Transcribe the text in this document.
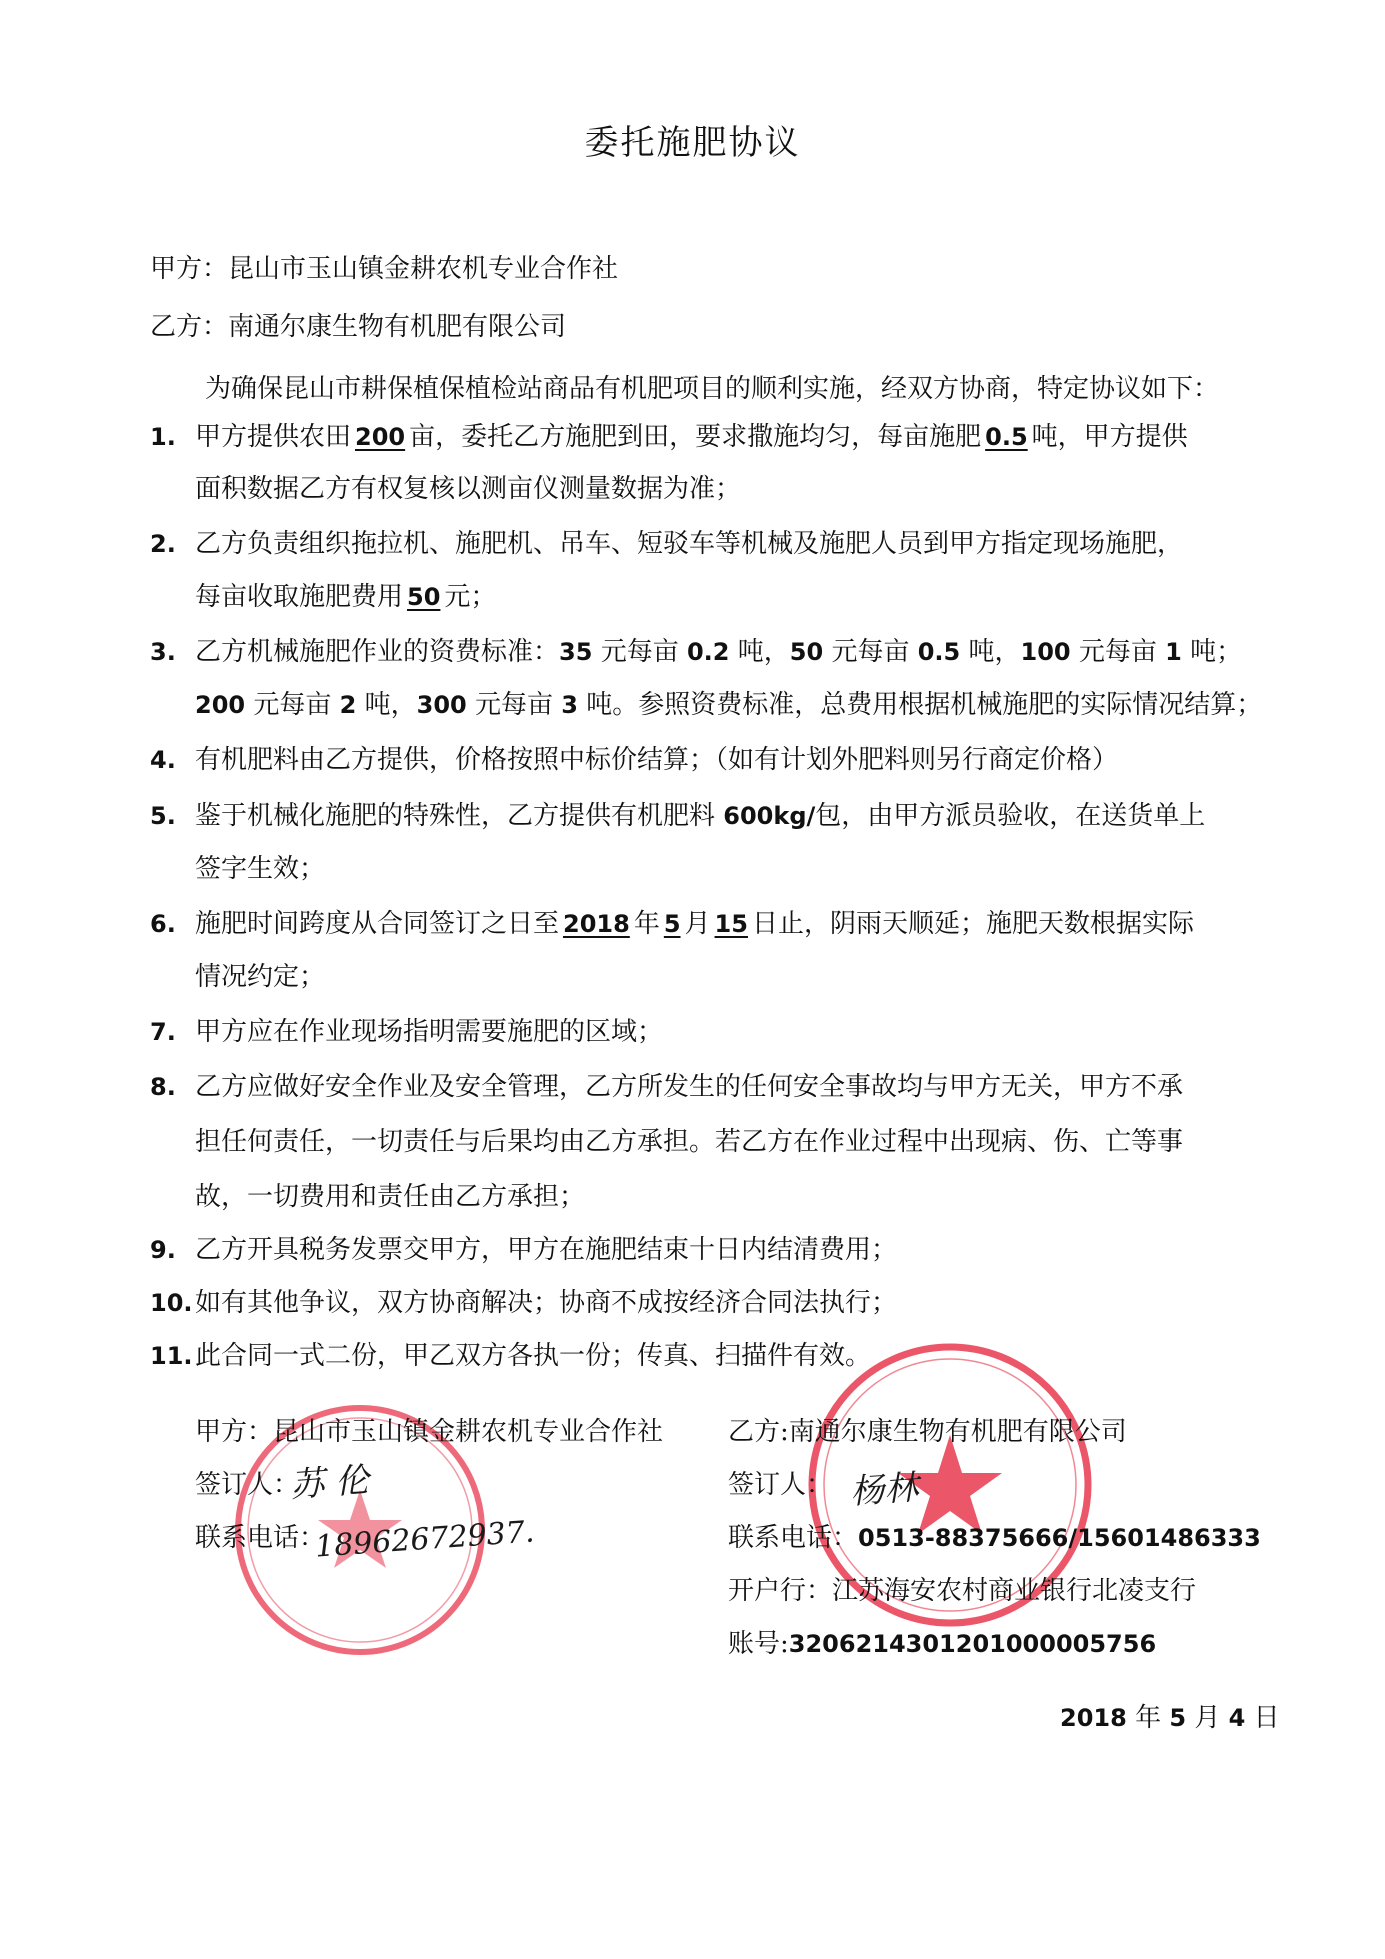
委托施肥协议
甲方：昆山市玉山镇金耕农机专业合作社
乙方：南通尔康生物有机肥有限公司
为确保昆山市耕保植保植检站商品有机肥项目的顺利实施，经双方协商，特定协议如下：
1. 甲方提供农田 200 亩，委托乙方施肥到田，要求撒施均匀，每亩施肥 0.5 吨，甲方提供
面积数据乙方有权复核以测亩仪测量数据为准；
2. 乙方负责组织拖拉机、施肥机、吊车、短驳车等机械及施肥人员到甲方指定现场施肥，
每亩收取施肥费用 50 元；
3. 乙方机械施肥作业的资费标准：35 元每亩 0.2 吨，50 元每亩 0.5 吨，100 元每亩 1 吨；
200 元每亩 2 吨，300 元每亩 3 吨。参照资费标准，总费用根据机械施肥的实际情况结算；
4. 有机肥料由乙方提供，价格按照中标价结算；（如有计划外肥料则另行商定价格）
5. 鉴于机械化施肥的特殊性，乙方提供有机肥料 600kg/包，由甲方派员验收，在送货单上
签字生效；
6. 施肥时间跨度从合同签订之日至 2018 年 5 月 15 日止，阴雨天顺延；施肥天数根据实际
情况约定；
7. 甲方应在作业现场指明需要施肥的区域；
8. 乙方应做好安全作业及安全管理，乙方所发生的任何安全事故均与甲方无关，甲方不承
担任何责任，一切责任与后果均由乙方承担。若乙方在作业过程中出现病、伤、亡等事
故，一切费用和责任由乙方承担；
9. 乙方开具税务发票交甲方，甲方在施肥结束十日内结清费用；
10. 如有其他争议，双方协商解决；协商不成按经济合同法执行；
11. 此合同一式二份，甲乙双方各执一份；传真、扫描件有效。
甲方：昆山市玉山镇金耕农机专业合作社
签订人：
苏 伦
联系电话：
18962672937.
乙方:南通尔康生物有机肥有限公司
签订人： 杨林
联系电话：0513-88375666/15601486333
开户行：江苏海安农村商业银行北凌支行
账号:3206214301201000005756
2018 年 5 月 4 日
